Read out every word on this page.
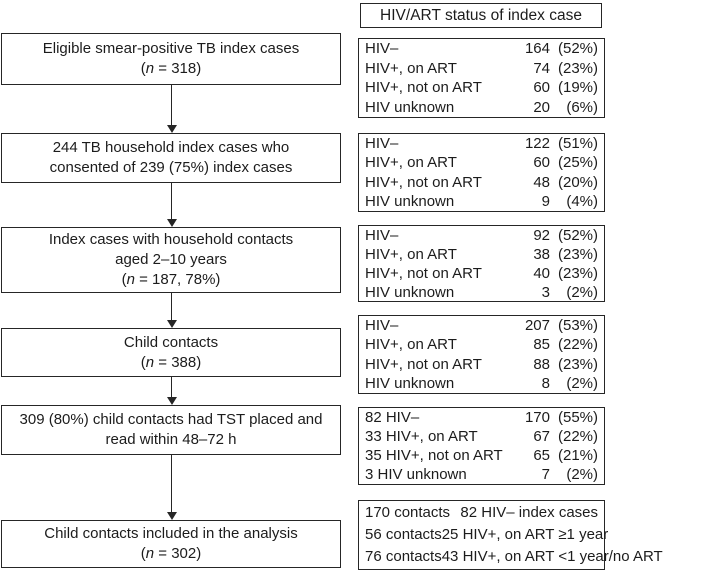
HIV/ART status of index case
Eligible smear-positive TB index cases
(n = 318)
244 TB household index cases who
consented of 239 (75%) index cases
Index cases with household contacts
aged 2–10 years
(n = 187, 78%)
Child contacts
(n = 388)
309 (80%) child contacts had TST placed and
read within 48–72 h
Child contacts included in the analysis
(n = 302)
HIV–	164 (52%)
HIV+, on ART	74 (23%)
HIV+, not on ART	60 (19%)
HIV unknown	20	(6%)
HIV–	122 (51%)
HIV+, on ART	60 (25%)
HIV+, not on ART	48 (20%)
HIV unknown	9	(4%)
HIV–	92 (52%)
HIV+, on ART	38 (23%)
HIV+, not on ART	40 (23%)
HIV unknown	3	(2%)
HIV–	207 (53%)
HIV+, on ART	85 (22%)
HIV+, not on ART	88 (23%)
HIV unknown	8	(2%)
82 HIV–	170 (55%)
33 HIV+, on ART	67 (22%)
35 HIV+, not on ART	65 (21%)
3 HIV unknown	7	(2%)
170 contacts 82 HIV– index cases
56 contacts 25 HIV+, on ART ≥1 year
76 contacts 43 HIV+, on ART <1 year/no ART
